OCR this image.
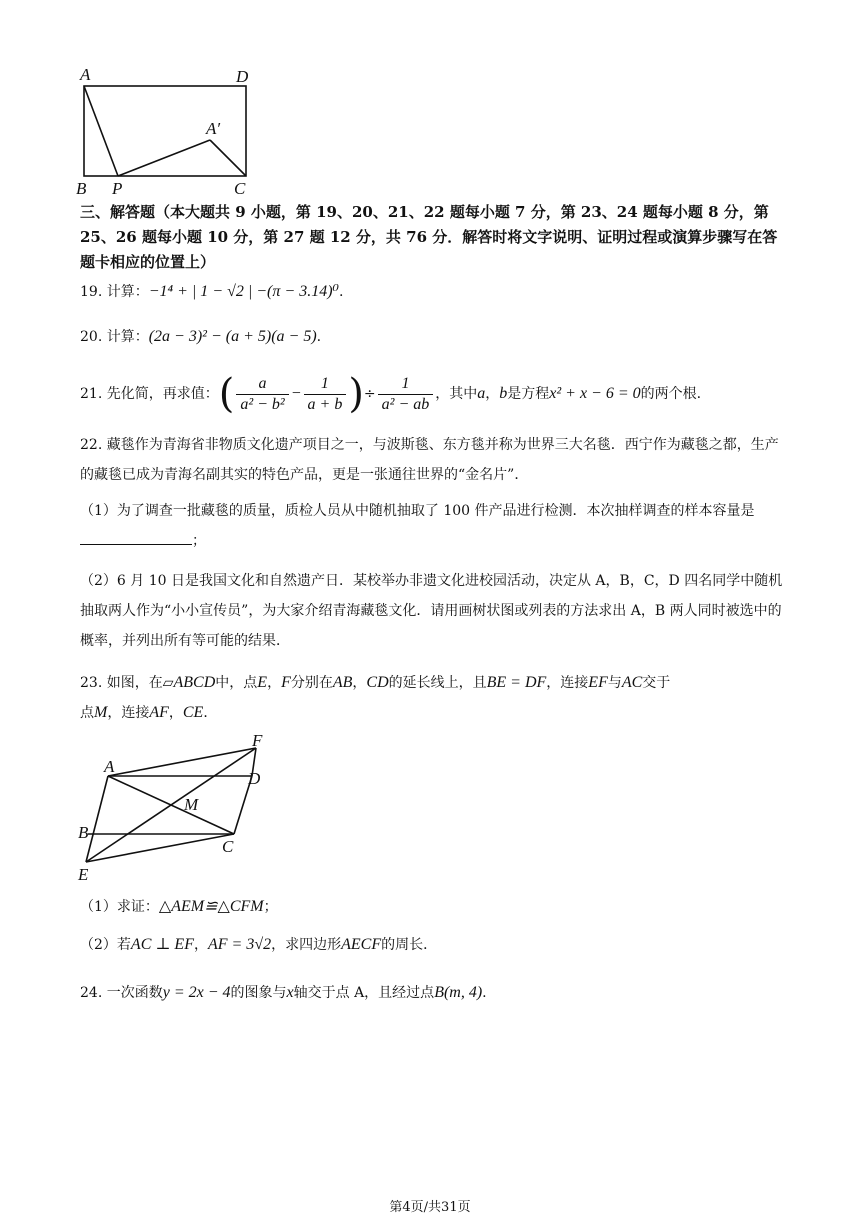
A	D
A′
B P	C
三、解答题（本大题共 9 小题，第 19、20、21、22 题每小题 7 分，第 23、24 题每小题 8 分，第 25、26 题每小题 10 分，第 27 题 12 分，共 76 分．解答时将文字说明、证明过程或演算步骤写在答题卡相应的位置上）
19. 计算：−1⁴ + | 1 − √2 | −(π − 3.14)⁰.
20. 计算：(2a − 3)² − (a + 5)(a − 5).
21. 先化简，再求值：( $\frac{a}{\text{a² − b²}} - \frac{1}{a + b}$ )÷ $\frac{1}{\text{a² − ab}}$ ，其中a，b是方程x² + x − 6 = 0的两个根.
22. 藏毯作为青海省非物质文化遗产项目之一，与波斯毯、东方毯并称为世界三大名毯．西宁作为藏毯之都，生产的藏毯已成为青海名副其实的特色产品，更是一张通往世界的“金名片”．
（1）为了调查一批藏毯的质量，质检人员从中随机抽取了 100 件产品进行检测．本次抽样调查的样本容量是；
（2）6 月 10 日是我国文化和自然遗产日．某校举办非遗文化进校园活动，决定从 A，B，C，D 四名同学中随机抽取两人作为“小小宣传员”，为大家介绍青海藏毯文化．请用画树状图或列表的方法求出 A，B 两人同时被选中的概率，并列出所有等可能的结果．
23. 如图，在▱ABCD中，点E，F分别在AB，CD的延长线上，且BE = DF，连接EF与AC交于
点M，连接AF，CE．
A
D
F
M
B
C
E
（1）求证：△AEM≌△CFM；
（2）若AC ⊥ EF，AF = 3√2，求四边形AECF的周长．
24. 一次函数y = 2x − 4的图象与x轴交于点 A，且经过点B(m, 4).
第4页/共31页
